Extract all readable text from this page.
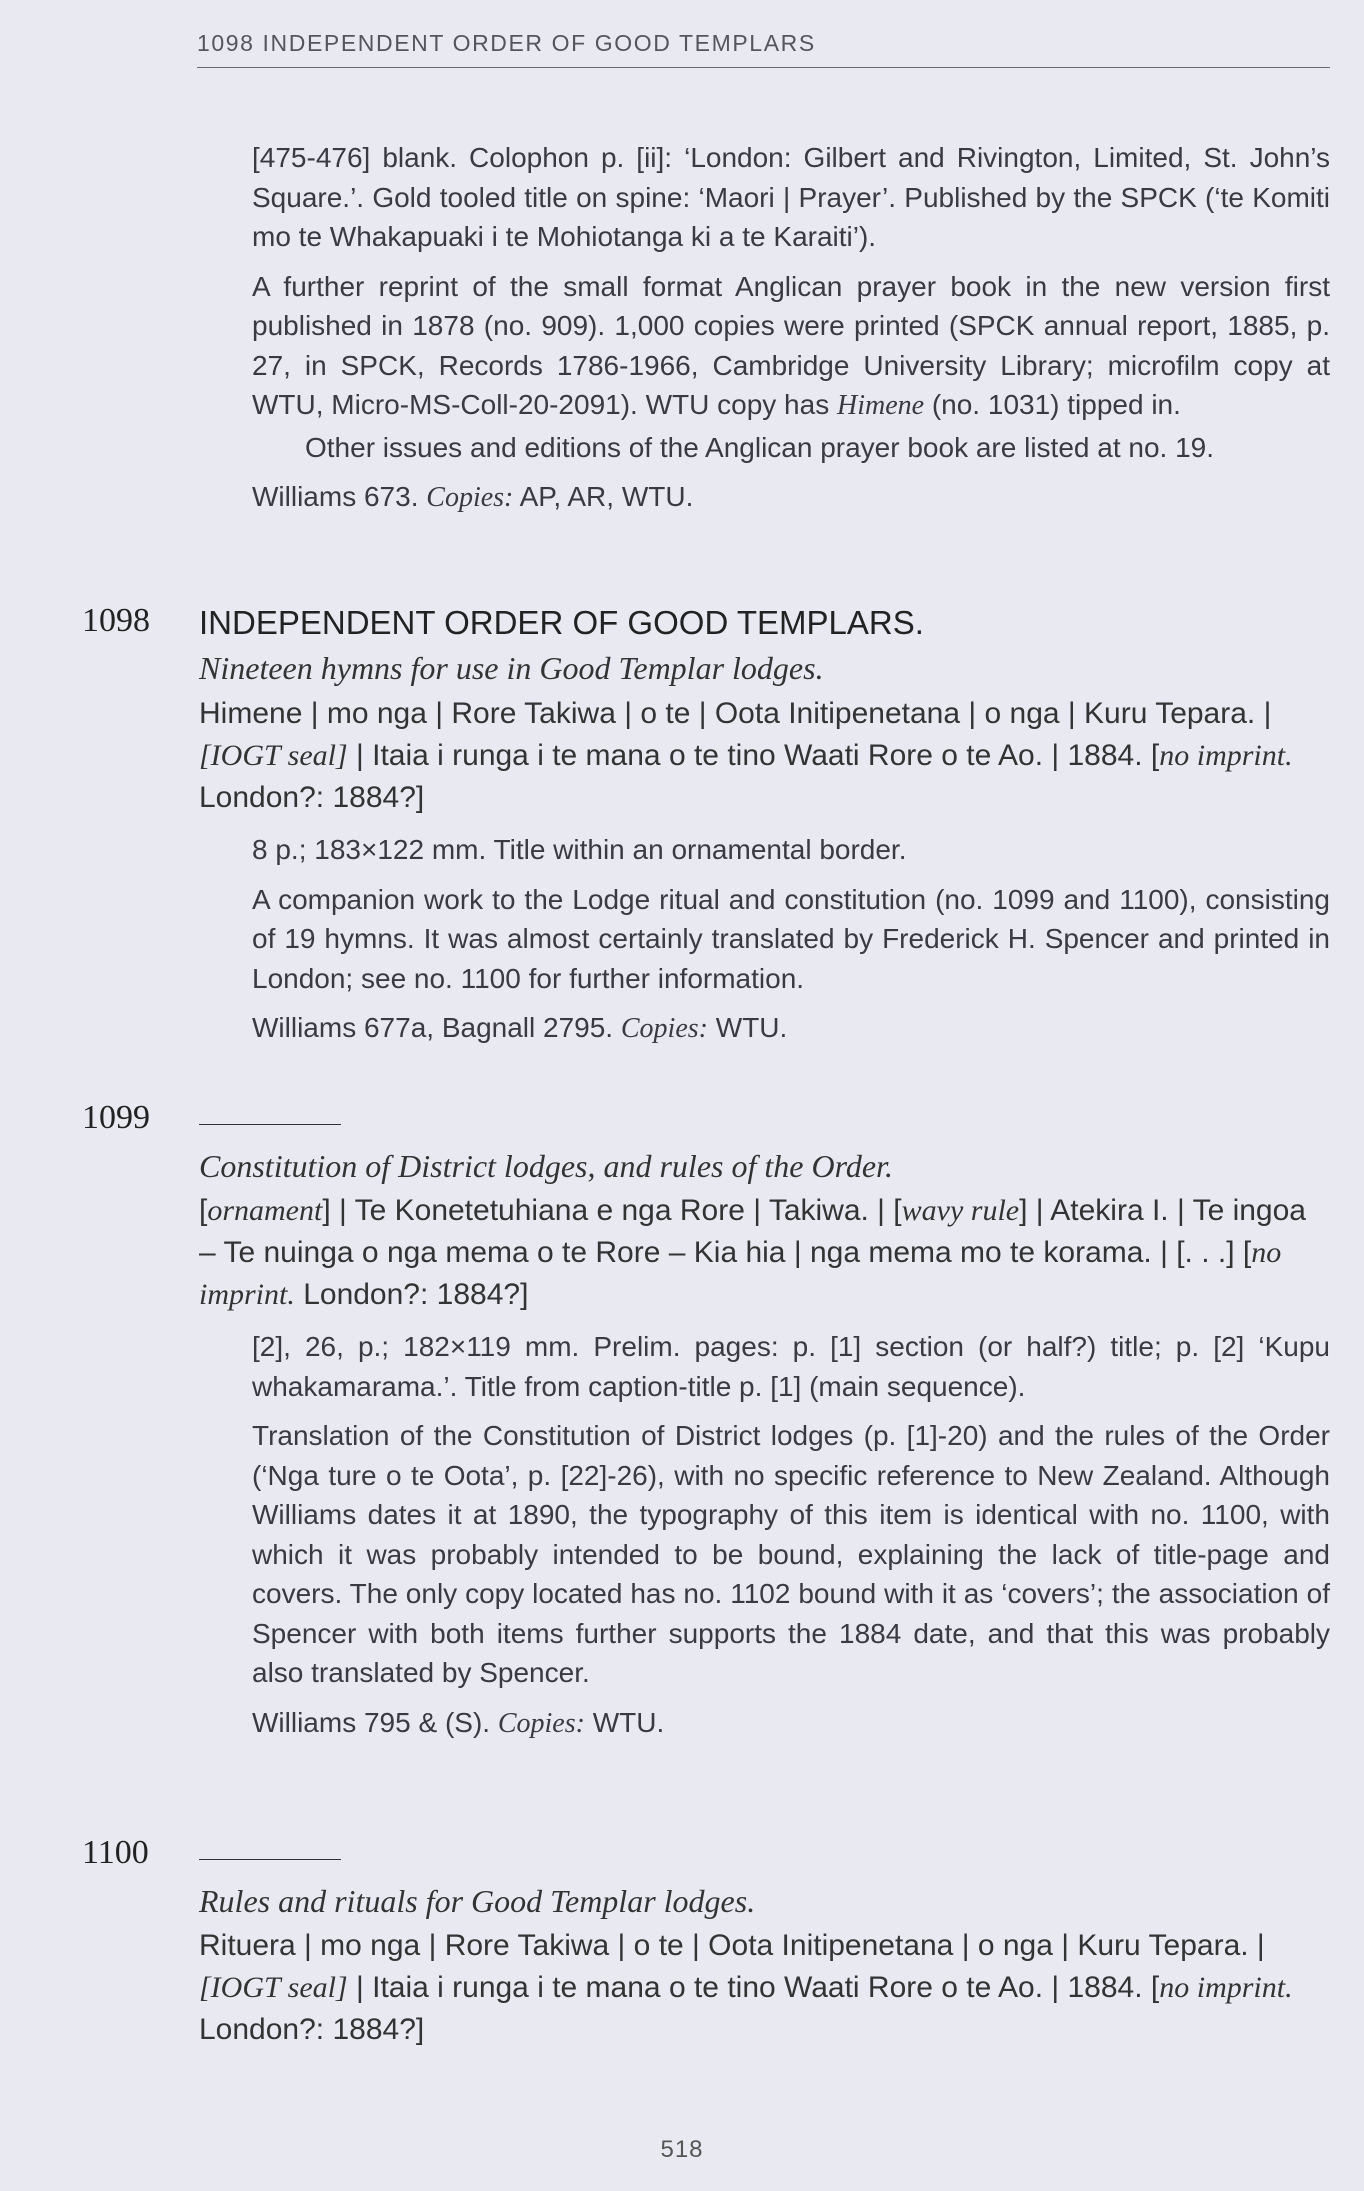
1098 INDEPENDENT ORDER OF GOOD TEMPLARS

[475-476] blank. Colophon p. [ii]: ‘London: Gilbert and Rivington, Limited, St. John’s Square.’. Gold tooled title on spine: ‘Maori | Prayer’. Published by the SPCK (‘te Komiti mo te Whakapuaki i te Mohiotanga ki a te Karaiti’).

A further reprint of the small format Anglican prayer book in the new version first published in 1878 (no. 909). 1,000 copies were printed (SPCK annual report, 1885, p. 27, in SPCK, Records 1786-1966, Cambridge University Library; microfilm copy at WTU, Micro-MS-Coll-20-2091). WTU copy has Himene (no. 1031) tipped in.

Other issues and editions of the Anglican prayer book are listed at no. 19.

Williams 673. Copies: AP, AR, WTU.

1098 INDEPENDENT ORDER OF GOOD TEMPLARS.
Nineteen hymns for use in Good Templar lodges.
Himene | mo nga | Rore Takiwa | o te | Oota Initipenetana | o nga | Kuru Tepara. | [IOGT seal] | Itaia i runga i te mana o te tino Waati Rore o te Ao. | 1884. [no imprint. London?: 1884?]

8 p.; 183×122 mm. Title within an ornamental border.

A companion work to the Lodge ritual and constitution (no. 1099 and 1100), consisting of 19 hymns. It was almost certainly translated by Frederick H. Spencer and printed in London; see no. 1100 for further information.

Williams 677a, Bagnall 2795. Copies: WTU.

1099
Constitution of District lodges, and rules of the Order.
[ornament] | Te Konetetuhiana e nga Rore | Takiwa. | [wavy rule] | Atekira I. | Te ingoa – Te nuinga o nga mema o te Rore – Kia hia | nga mema mo te korama. | [. . .] [no imprint. London?: 1884?]

[2], 26, p.; 182×119 mm. Prelim. pages: p. [1] section (or half?) title; p. [2] ‘Kupu whakamarama.’. Title from caption-title p. [1] (main sequence).

Translation of the Constitution of District lodges (p. [1]-20) and the rules of the Order (‘Nga ture o te Oota’, p. [22]-26), with no specific reference to New Zealand. Although Williams dates it at 1890, the typography of this item is identical with no. 1100, with which it was probably intended to be bound, explaining the lack of title-page and covers. The only copy located has no. 1102 bound with it as ‘covers’; the association of Spencer with both items further supports the 1884 date, and that this was probably also translated by Spencer.

Williams 795 & (S). Copies: WTU.

1100
Rules and rituals for Good Templar lodges.
Rituera | mo nga | Rore Takiwa | o te | Oota Initipenetana | o nga | Kuru Tepara. | [IOGT seal] | Itaia i runga i te mana o te tino Waati Rore o te Ao. | 1884. [no imprint. London?: 1884?]
518
